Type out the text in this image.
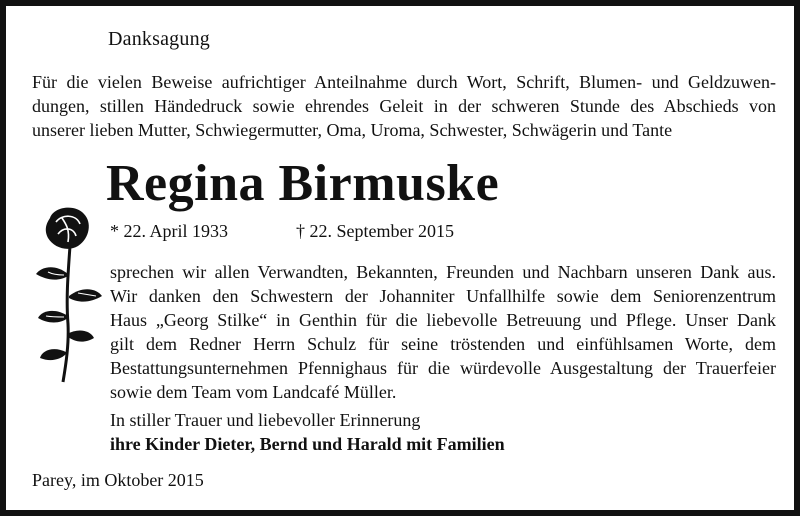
Danksagung
Für die vielen Beweise aufrichtiger Anteilnahme durch Wort, Schrift, Blumen- und Geldzuwen-
dungen, stillen Händedruck sowie ehrendes Geleit in der schweren Stunde des Abschieds von
unserer lieben Mutter, Schwiegermutter, Oma, Uroma, Schwester, Schwägerin und Tante
Regina Birmuske
* 22. April 1933	† 22. September 2015
sprechen wir allen Verwandten, Bekannten, Freunden und Nachbarn unseren Dank aus.
Wir danken den Schwestern der Johanniter Unfallhilfe sowie dem Seniorenzentrum
Haus „Georg Stilke“ in Genthin für die liebevolle Betreuung und Pflege. Unser Dank
gilt dem Redner Herrn Schulz für seine tröstenden und einfühlsamen Worte, dem
Bestattungsunternehmen Pfennighaus für die würdevolle Ausgestaltung der Trauerfeier
sowie dem Team vom Landcafé Müller.
In stiller Trauer und liebevoller Erinnerung
ihre Kinder Dieter, Bernd und Harald mit Familien
Parey, im Oktober 2015
